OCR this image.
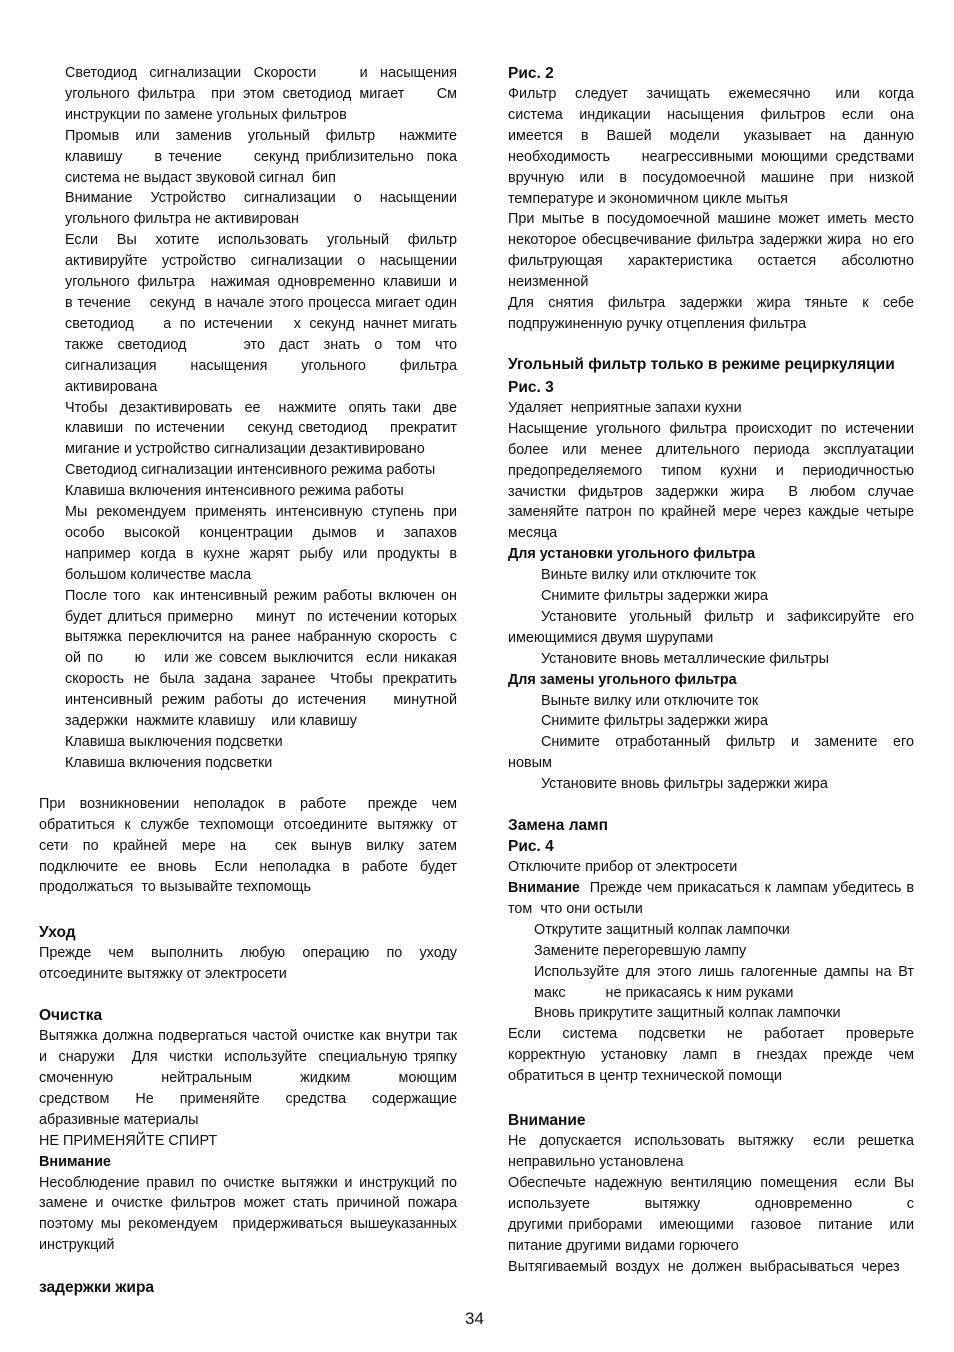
Светодиод  сигнализации  Скорости       и  насыщения угольного фильтра  при этом светодиод мигает    См инструкции по замене угольных фильтров

Промыв  или  заменив  угольный  фильтр   нажмите клавишу     в течение     секунд приблизительно  пока система не выдаст звуковой сигнал  бип

Внимание  Устройство  сигнализации  о  насыщении угольного фильтра не активирован

Если  Вы  хотите  использовать  угольный  фильтр  активируйте  устройство  сигнализации  о  насыщении угольного фильтра  нажимая одновременно клавиши и    в течение    секунд  в начале этого процесса мигает один  светодиод       а  по  истечении     х  секунд  начнет мигать  также  светодиод        это  даст  знать  о  том  что сигнализация      насыщения      угольного      фильтра активирована

Чтобы  дезактивировать  ее   нажмите  опять таки  две клавиши  по истечении    секунд светодиод    прекратит мигание и устройство сигнализации дезактивировано

Светодиод сигнализации интенсивного режима работы

Клавиша включения интенсивного режима работы

Мы  рекомендуем  применять  интенсивную  ступень  при особо   высокой   концентрации   дымов   и   запахов  например  когда  в  кухне  жарят  рыбу  или  продукты  в большом количестве масла

После того  как интенсивный режим работы включен он будет длиться примерно    минут  по истечении которых вытяжка переключится на ранее набранную скорость  с    ой по     ю   или же совсем выключится  если никакая скорость  не  была  задана  заранее   Чтобы  прекратить интенсивный  режим  работы  до  истечения      минутной задержки  нажмите клавишу    или клавишу

Клавиша выключения подсветки

Клавиша включения подсветки

При  возникновении  неполадок  в  работе   прежде  чем обратиться  к  службе  техпомощи  отсоедините  вытяжку  от сети   по   крайней   мере   на      сек   вынув   вилку   затем подключите  ее  вновь   Если  неполадка  в  работе  будет продолжаться  то вызывайте техпомощь

Уход

Прежде   чем   выполнить   любую   операцию   по   уходу отсоедините вытяжку от электросети

Очистка

Вытяжка должна подвергаться частой очистке как внутри так  и  снаружи   Для  чистки  используйте  специальную тряпку      смоченную      нейтральным      жидким      моющим средством      Не      применяйте      средства      содержащие абразивные материалы

НЕ ПРИМЕНЯЙТЕ СПИРТ

Внимание

Несоблюдение правил по очистке вытяжки и инструкций по замене и очистке фильтров может стать причиной пожара поэтому мы рекомендуем  придерживаться вышеуказанных инструкций

задержки жира

Рис. 2

Фильтр   следует   зачищать   ежемесячно    или   когда система   индикации   насыщения   фильтров   если   она имеется   в   Вашей   модели    указывает   на   данную необходимость    неагрессивными моющими средствами вручную   или   в   посудомоечной   машине   при   низкой температуре и экономичном цикле мытья

При мытье в посудомоечной машине может иметь место некоторое обесцвечивание фильтра задержки жира  но его  фильтрующая  характеристика  остается  абсолютно неизменной

Для   снятия   фильтра   задержки   жира   тяньте   к   себе подпружиненную ручку отцепления фильтра

Угольный фильтр только в режиме рециркуляции

Рис. 3

Удаляет  неприятные запахи кухни

Насыщение угольного фильтра происходит по истечении более или менее длительного периода эксплуатации предопределяемого типом кухни и периодичностью зачистки фидьтров задержки жира  В любом случае заменяйте патрон по крайней мере через каждые четыре месяца

Для установки угольного фильтра

Виньте вилку или отключите ток

Снимите фильтры задержки жира

Установите  угольный  фильтр  и  зафиксируйте  его имеющимися двумя шурупами

Установите вновь металлические фильтры

Для замены угольного фильтра

Выньте вилку или отключите ток

Снимите фильтры задержки жира

Снимите   отработанный   фильтр   и   замените   его новым

Установите вновь фильтры задержки жира

Замена ламп

Рис. 4

Отключите прибор от электросети

Внимание  Прежде чем прикасаться к лампам убедитесь в том  что они остыли

Открутите защитный колпак лампочки

Замените перегоревшую лампу

Используйте для этого лишь галогенные дампы на Вт макс          не прикасаясь к ним руками

Вновь прикрутите защитный колпак лампочки

Если    система    подсветки    не    работает    проверьте корректную   установку   ламп   в   гнездах   прежде   чем обратиться в центр технической помощи

Внимание

Не  допускается  использовать  вытяжку   если  решетка неправильно установлена

Обеспечьте надежную вентиляцию помещения  если Вы используете       вытяжку       одновременно       с       другими приборами   имеющими   газовое   питание   или   питание другими видами горючего

Вытягиваемый  воздух  не  должен  выбрасываться  через

34
